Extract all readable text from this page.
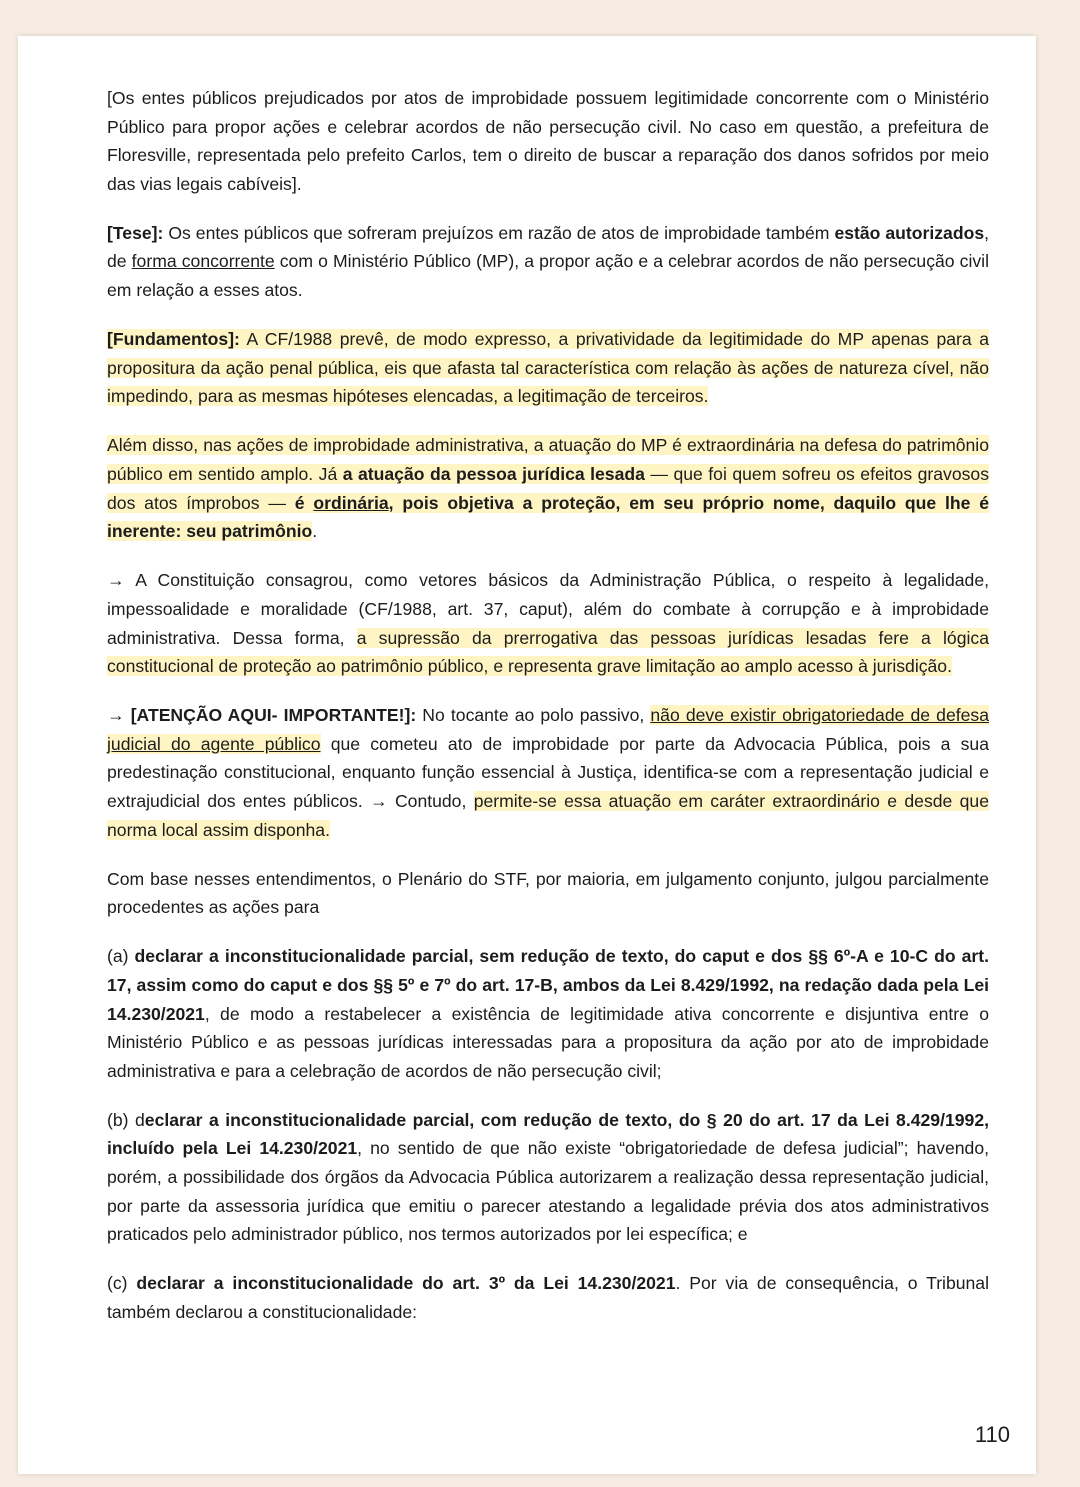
[Os entes públicos prejudicados por atos de improbidade possuem legitimidade concorrente com o Ministério Público para propor ações e celebrar acordos de não persecução civil. No caso em questão, a prefeitura de Floresville, representada pelo prefeito Carlos, tem o direito de buscar a reparação dos danos sofridos por meio das vias legais cabíveis].

[Tese]: Os entes públicos que sofreram prejuízos em razão de atos de improbidade também estão autorizados, de forma concorrente com o Ministério Público (MP), a propor ação e a celebrar acordos de não persecução civil em relação a esses atos.

[Fundamentos]: A CF/1988 prevê, de modo expresso, a privatividade da legitimidade do MP apenas para a propositura da ação penal pública, eis que afasta tal característica com relação às ações de natureza cível, não impedindo, para as mesmas hipóteses elencadas, a legitimação de terceiros.

Além disso, nas ações de improbidade administrativa, a atuação do MP é extraordinária na defesa do patrimônio público em sentido amplo. Já a atuação da pessoa jurídica lesada — que foi quem sofreu os efeitos gravosos dos atos ímprobos — é ordinária, pois objetiva a proteção, em seu próprio nome, daquilo que lhe é inerente: seu patrimônio.

→ A Constituição consagrou, como vetores básicos da Administração Pública, o respeito à legalidade, impessoalidade e moralidade (CF/1988, art. 37, caput), além do combate à corrupção e à improbidade administrativa. Dessa forma, a supressão da prerrogativa das pessoas jurídicas lesadas fere a lógica constitucional de proteção ao patrimônio público, e representa grave limitação ao amplo acesso à jurisdição.

→ [ATENÇÃO AQUI- IMPORTANTE!]: No tocante ao polo passivo, não deve existir obrigatoriedade de defesa judicial do agente público que cometeu ato de improbidade por parte da Advocacia Pública, pois a sua predestinação constitucional, enquanto função essencial à Justiça, identifica-se com a representação judicial e extrajudicial dos entes públicos. → Contudo, permite-se essa atuação em caráter extraordinário e desde que norma local assim disponha.

Com base nesses entendimentos, o Plenário do STF, por maioria, em julgamento conjunto, julgou parcialmente procedentes as ações para

(a) declarar a inconstitucionalidade parcial, sem redução de texto, do caput e dos §§ 6º-A e 10-C do art. 17, assim como do caput e dos §§ 5º e 7º do art. 17-B, ambos da Lei 8.429/1992, na redação dada pela Lei 14.230/2021, de modo a restabelecer a existência de legitimidade ativa concorrente e disjuntiva entre o Ministério Público e as pessoas jurídicas interessadas para a propositura da ação por ato de improbidade administrativa e para a celebração de acordos de não persecução civil;

(b) declarar a inconstitucionalidade parcial, com redução de texto, do § 20 do art. 17 da Lei 8.429/1992, incluído pela Lei 14.230/2021, no sentido de que não existe “obrigatoriedade de defesa judicial”; havendo, porém, a possibilidade dos órgãos da Advocacia Pública autorizarem a realização dessa representação judicial, por parte da assessoria jurídica que emitiu o parecer atestando a legalidade prévia dos atos administrativos praticados pelo administrador público, nos termos autorizados por lei específica; e

(c) declarar a inconstitucionalidade do art. 3º da Lei 14.230/2021. Por via de consequência, o Tribunal também declarou a constitucionalidade:

110
